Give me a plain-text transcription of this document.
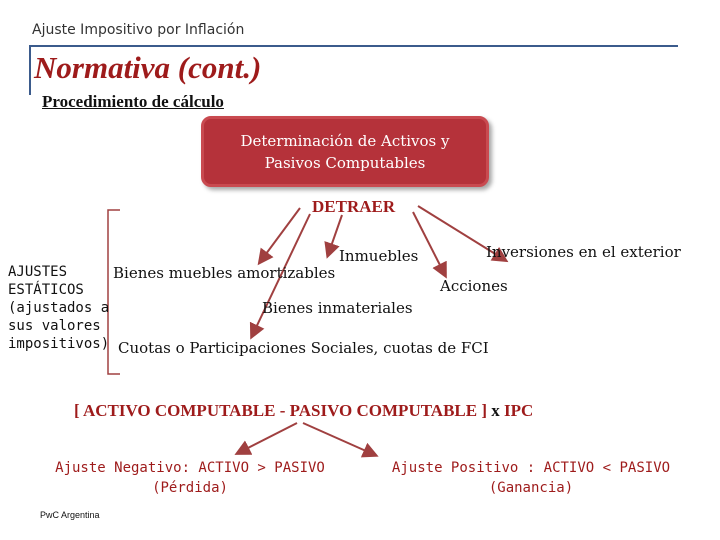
Ajuste Impositivo por Inflación
Normativa (cont.)
Procedimiento de cálculo
Determinación de Activos y
Pasivos Computables
DETRAER
Inmuebles
Bienes muebles amortizables
Bienes inmateriales
Cuotas o Participaciones Sociales, cuotas de FCI
Inversiones en el exterior
Acciones
AJUSTES
ESTÁTICOS
(ajustados a
sus valores
impositivos)
[ ACTIVO COMPUTABLE - PASIVO COMPUTABLE ] x IPC
Ajuste Negativo: ACTIVO > PASIVO
(Pérdida)
Ajuste Positivo : ACTIVO < PASIVO
(Ganancia)
PwC Argentina
